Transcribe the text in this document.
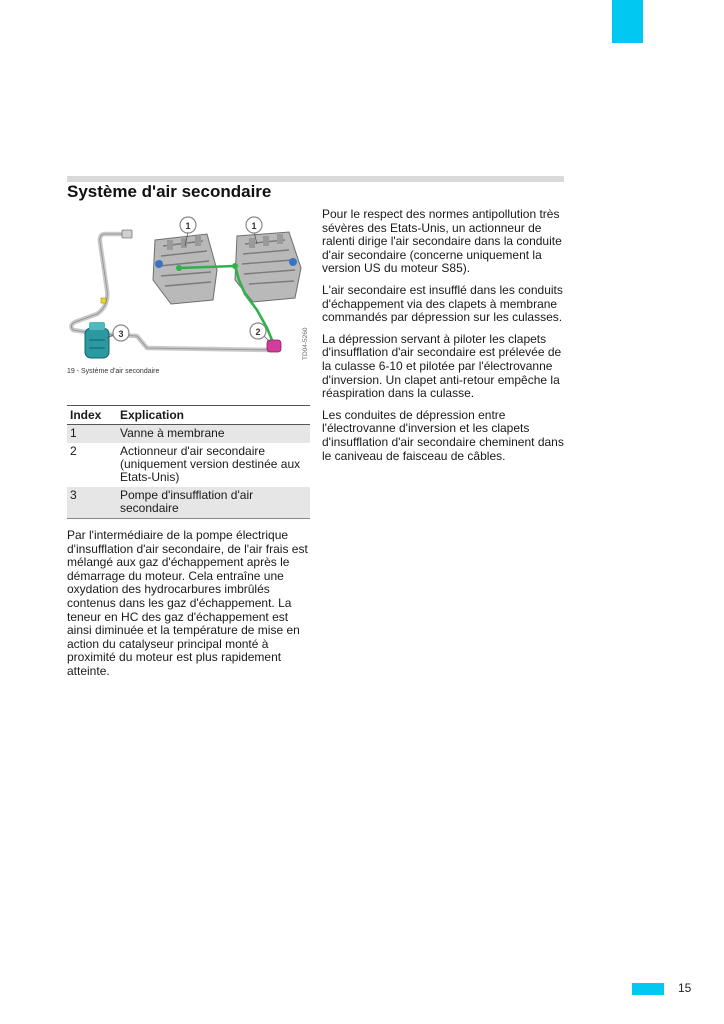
Système d'air secondaire
1	1
2
3	TD04-5260
19 - Système d'air secondaire
Index	Explication
1	Vanne à membrane
2	Actionneur d'air secondaire (uniquement version destinée aux Etats-Unis)
3	Pompe d'insufflation d'air secondaire

Par l'intermédiaire de la pompe électrique d'insufflation d'air secondaire, de l'air frais est mélangé aux gaz d'échappement après le démarrage du moteur. Cela entraîne une oxydation des hydrocarbures imbrûlés contenus dans les gaz d'échappement. La teneur en HC des gaz d'échappement est ainsi diminuée et la température de mise en action du catalyseur principal monté à proximité du moteur est plus rapidement atteinte.

Pour le respect des normes antipollution très sévères des Etats-Unis, un actionneur de ralenti dirige l'air secondaire dans la conduite d'air secondaire (concerne uniquement la version US du moteur S85).

L'air secondaire est insufflé dans les conduits d'échappement via des clapets à membrane commandés par dépression sur les culasses.

La dépression servant à piloter les clapets d'insufflation d'air secondaire est prélevée de la culasse 6-10 et pilotée par l'électrovanne d'inversion. Un clapet anti-retour empêche la réaspiration dans la culasse.

Les conduites de dépression entre l'électrovanne d'inversion et les clapets d'insufflation d'air secondaire cheminent dans le caniveau de faisceau de câbles.

15
